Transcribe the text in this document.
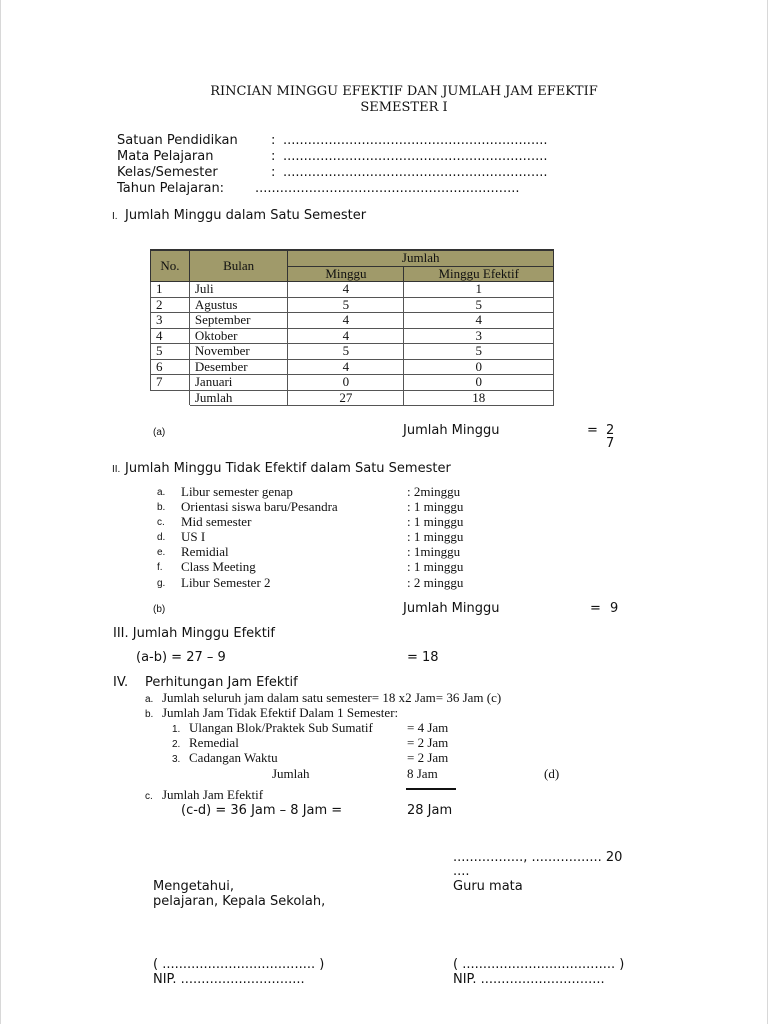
RINCIAN MINGGU EFEKTIF DAN JUMLAH JAM EFEKTIF
SEMESTER I
Satuan Pendidikan	: ................................................................
Mata Pelajaran	: ................................................................
Kelas/Semester	: ................................................................
Tahun Pelajaran: ................................................................
I. Jumlah Minggu dalam Satu Semester
No.	Bulan	Jumlah	
		Minggu	Minggu Efektif
1	Juli	4	1
2	Agustus	5	5
3	September	4	4
4	Oktober	4	3
5	November	5	5
6	Desember	4	0
7	Januari	0	0
	Jumlah	27	18
(a)	Jumlah Minggu	= 2
7
II. Jumlah Minggu Tidak Efektif dalam Satu Semester
a. Libur semester genap	: 2minggu
b. Orientasi siswa baru/Pesandra	: 1 minggu
c. Mid semester	: 1 minggu
d. US I	: 1 minggu
e. Remidial	: 1minggu
f. Class Meeting	: 1 minggu
g. Libur Semester 2	: 2 minggu
(b)	Jumlah Minggu	= 9
III. Jumlah Minggu Efektif
(a-b) = 27 – 9	= 18
IV. Perhitungan Jam Efektif
a. Jumlah seluruh jam dalam satu semester= 18 x2 Jam= 36 Jam (c)
b. Jumlah Jam Tidak Efektif Dalam 1 Semester:
1. Ulangan Blok/Praktek Sub Sumatif	= 4 Jam
2. Remedial	= 2 Jam
3. Cadangan Waktu	= 2 Jam
Jumlah	8 Jam	(d)
c. Jumlah Jam Efektif
(c-d) = 36 Jam – 8 Jam =	28 Jam
................., ................. 20
....
Mengetahui,	Guru mata
pelajaran, Kepala Sekolah,
( ..................................... )	( ..................................... )
NIP. ..............................	NIP. ..............................
